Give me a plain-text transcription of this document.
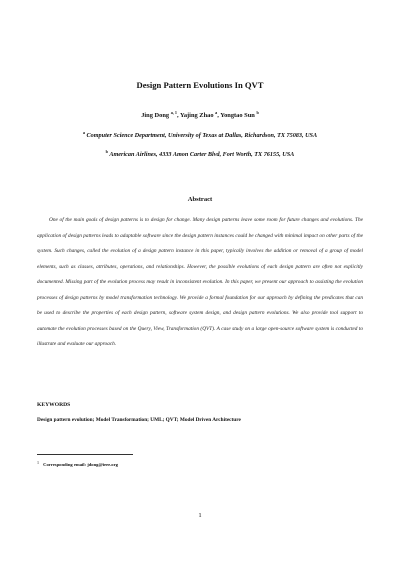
Design Pattern Evolutions In QVT
Jing Dong $^{a, 1}$, Yajing Zhao $^a$, Yongtao Sun $^b$
$^a$ Computer Science Department, University of Texas at Dallas, Richardson, TX 75083, USA
$^b$ American Airlines, 4333 Amon Carter Blvd, Fort Worth, TX 76155, USA
Abstract

One of the main goals of design patterns is to design for change. Many design patterns leave some room for future changes and evolutions. The application of design patterns leads to adaptable software since the design pattern instances could be changed with minimal impact on other parts of the system. Such changes, called the evolution of a design pattern instance in this paper, typically involves the addition or removal of a group of model elements, such as classes, attributes, operations, and relationships. However, the possible evolutions of each design pattern are often not explicitly documented. Missing part of the evolution process may result in inconsistent evolution. In this paper, we present our approach to assisting the evolution processes of design patterns by model transformation technology. We provide a formal foundation for our approach by defining the predicates that can be used to describe the properties of each design pattern, software system design, and design pattern evolutions. We also provide tool support to automate the evolution processes based on the Query, View, Transformation (QVT). A case study on a large open-source software system is conducted to illustrate and evaluate our approach.

KEYWORDS
Design pattern evolution; Model Transformation; UML; QVT; Model Driven Architecture
1 Corresponding email: jdong@ieee.org
1
